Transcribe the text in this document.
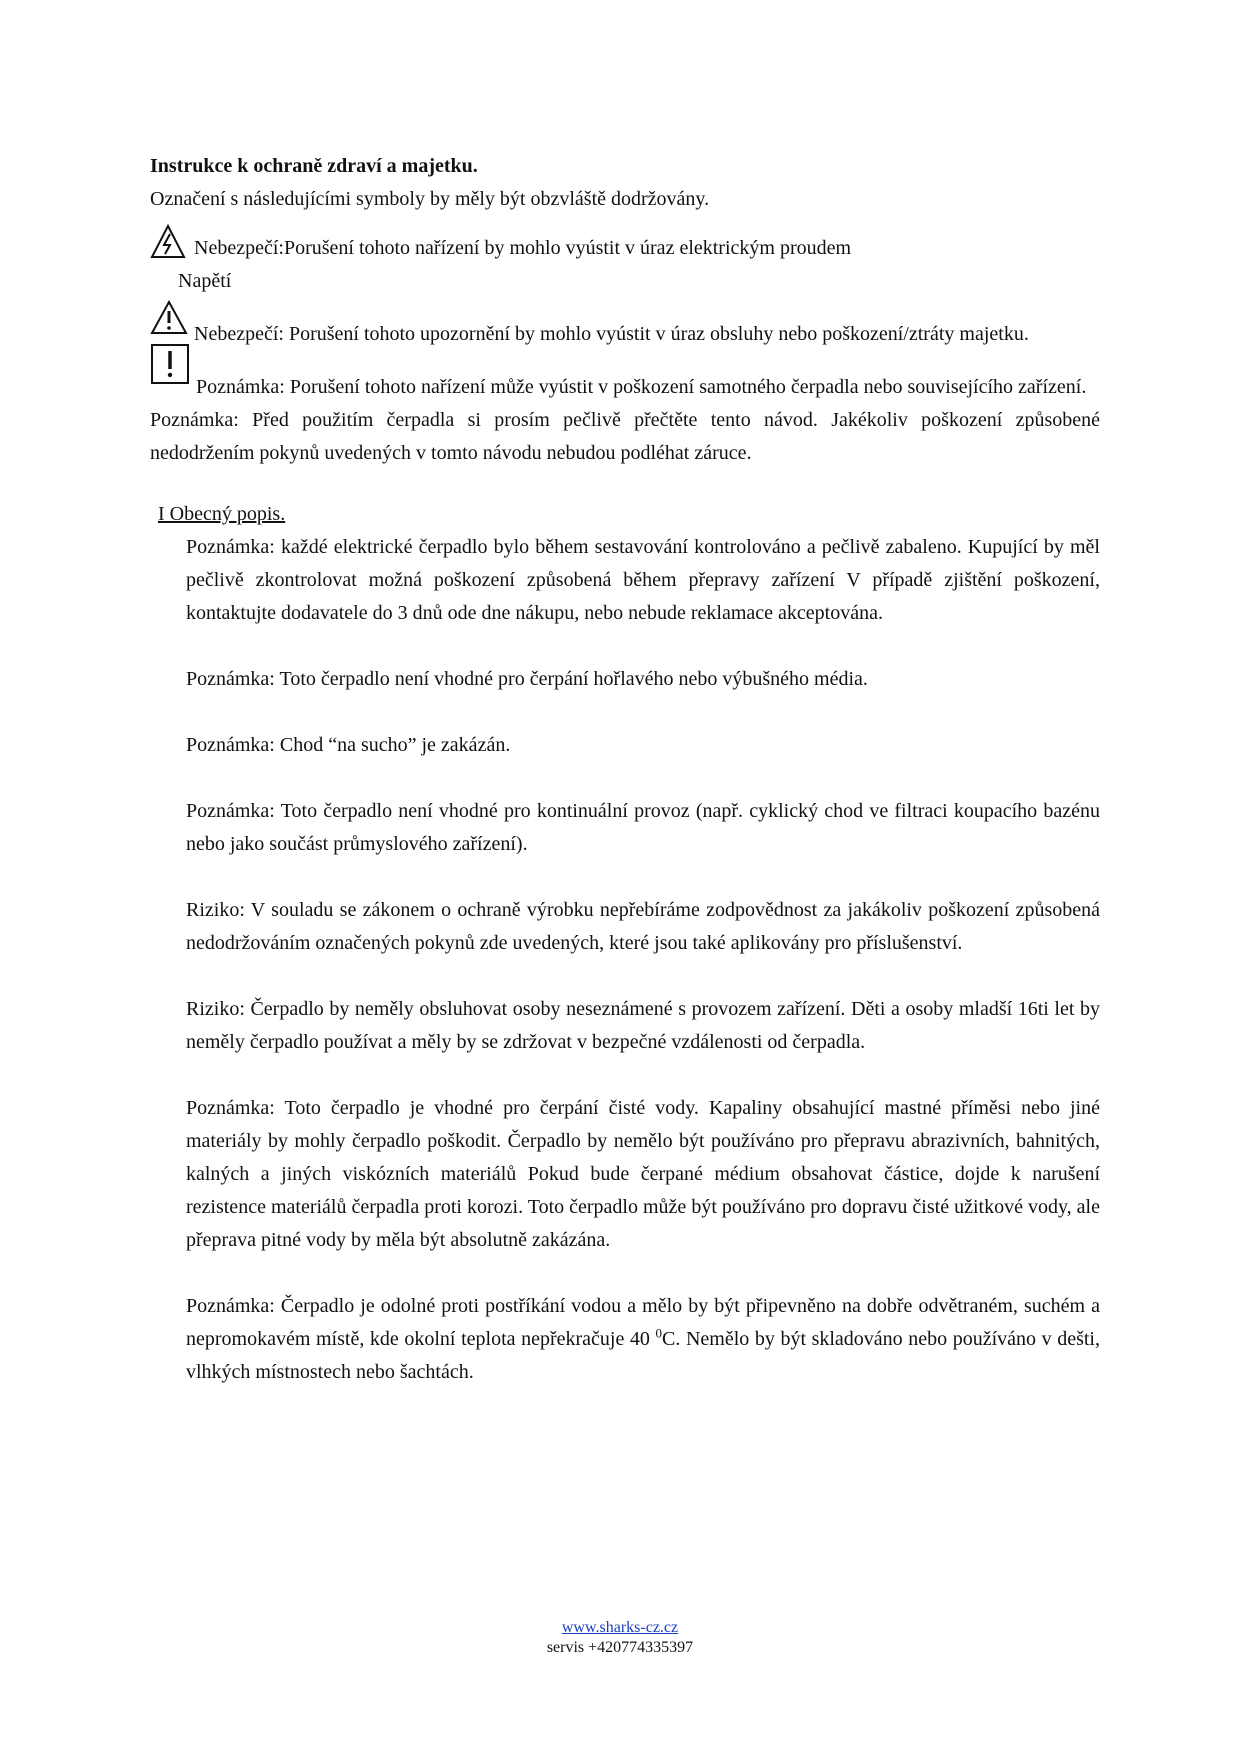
Instrukce k ochraně zdraví a majetku.

Označení s následujícími symboly by měly být obzvláště dodržovány.

Nebezpečí:Porušení tohoto nařízení by mohlo vyústit v úraz elektrickým proudem

Napětí

Nebezpečí: Porušení tohoto upozornění by mohlo vyústit v úraz obsluhy nebo poškození/ztráty majetku.

Poznámka: Porušení tohoto nařízení může vyústit v poškození samotného čerpadla nebo souvisejícího zařízení.

Poznámka: Před použitím čerpadla si prosím pečlivě přečtěte tento návod. Jakékoliv poškození způsobené nedodržením pokynů uvedených v tomto návodu nebudou podléhat záruce.

I Obecný popis.

Poznámka: každé elektrické čerpadlo bylo během sestavování kontrolováno a pečlivě zabaleno. Kupující by měl pečlivě zkontrolovat možná poškození způsobená během přepravy zařízení V případě zjištění poškození, kontaktujte dodavatele do 3 dnů ode dne nákupu, nebo nebude reklamace akceptována.

Poznámka: Toto čerpadlo není vhodné pro čerpání hořlavého nebo výbušného média.

Poznámka: Chod “na sucho” je zakázán.

Poznámka: Toto čerpadlo není vhodné pro kontinuální provoz (např. cyklický chod ve filtraci koupacího bazénu nebo jako součást průmyslového zařízení).

Riziko: V souladu se zákonem o ochraně výrobku nepřebíráme zodpovědnost za jakákoliv poškození způsobená nedodržováním označených pokynů zde uvedených, které jsou také aplikovány pro příslušenství.

Riziko: Čerpadlo by neměly obsluhovat osoby neseznámené s provozem zařízení. Děti a osoby mladší 16ti let by neměly čerpadlo používat a měly by se zdržovat v bezpečné vzdálenosti od čerpadla.

Poznámka: Toto čerpadlo je vhodné pro čerpání čisté vody. Kapaliny obsahující mastné příměsi nebo jiné materiály by mohly čerpadlo poškodit. Čerpadlo by nemělo být používáno pro přepravu abrazivních, bahnitých, kalných a jiných viskózních materiálů Pokud bude čerpané médium obsahovat částice, dojde k narušení rezistence materiálů čerpadla proti korozi. Toto čerpadlo může být používáno pro dopravu čisté užitkové vody, ale přeprava pitné vody by měla být absolutně zakázána.

Poznámka: Čerpadlo je odolné proti postříkání vodou a mělo by být připevněno na dobře odvětraném, suchém a nepromokavém místě, kde okolní teplota nepřekračuje 40 $^0$C. Nemělo by být skladováno nebo používáno v dešti, vlhkých místnostech nebo šachtách.

www.sharks-cz.cz
servis +420774335397
